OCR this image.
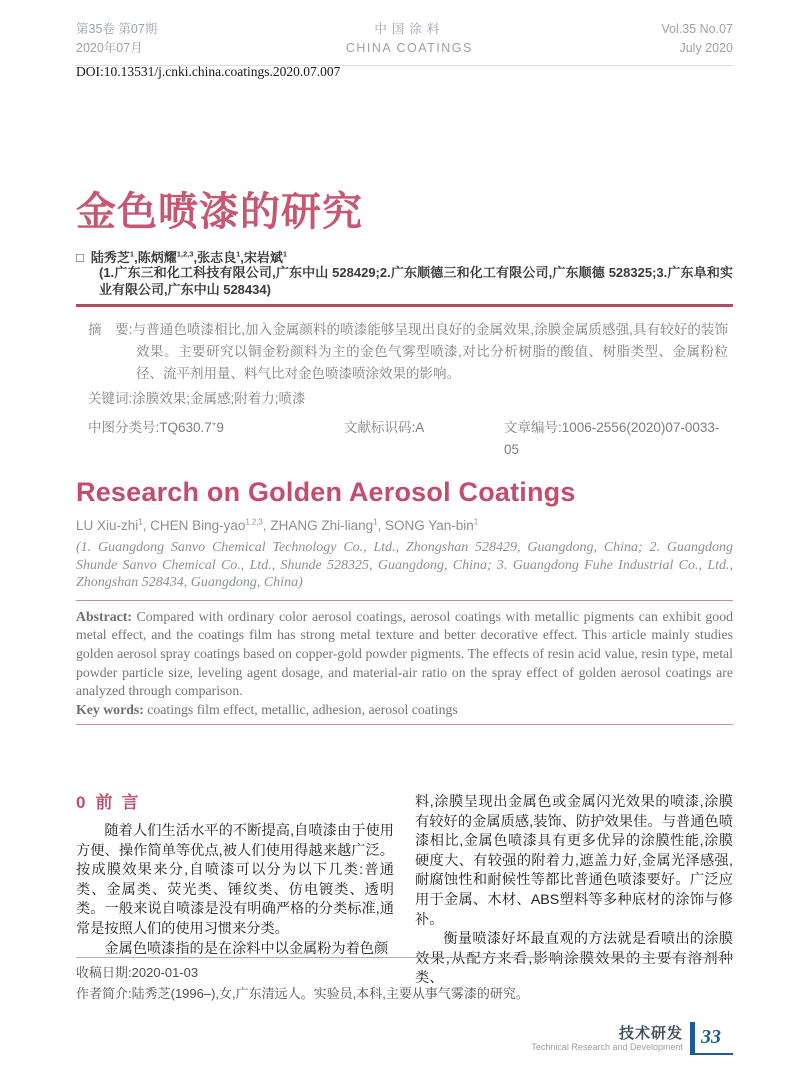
第35卷 第07期
2020年07月
中国涂料
CHINA COATINGS
Vol.35 No.07
July 2020
DOI:10.13531/j.cnki.china.coatings.2020.07.007
金色喷漆的研究
□ 陆秀芝$^1$,陈炳耀$^{1,2,3}$,张志良$^1$,宋岩斌$^1$
(1.广东三和化工科技有限公司,广东中山 528429;2.广东顺德三和化工有限公司,广东顺德 528325;3.广东阜和实业有限公司,广东中山 528434)

摘　要:与普通色喷漆相比,加入金属颜料的喷漆能够呈现出良好的金属效果,涂膜金属质感强,具有较好的装饰效果。主要研究以铜金粉颜料为主的金色气雾型喷漆,对比分析树脂的酸值、树脂类型、金属粉粒径、流平剂用量、料气比对金色喷漆喷涂效果的影响。

关键词:涂膜效果;金属感;附着力;喷漆

中图分类号:TQ630.7+9	文献标识码:A	文章编号:1006-2556(2020)07-0033-05
Research on Golden Aerosol Coatings
LU Xiu-zhi$^1$, CHEN Bing-yao$^{1,2,3}$, ZHANG Zhi-liang$^1$, SONG Yan-bin$^1$
(1. Guangdong Sanvo Chemical Technology Co., Ltd., Zhongshan 528429, Guangdong, China; 2. Guangdong Shunde Sanvo Chemical Co., Ltd., Shunde 528325, Guangdong, China; 3. Guangdong Fuhe Industrial Co., Ltd., Zhongshan 528434, Guangdong, China)

Abstract: Compared with ordinary color aerosol coatings, aerosol coatings with metallic pigments can exhibit good metal effect, and the coatings film has strong metal texture and better decorative effect. This article mainly studies golden aerosol spray coatings based on copper-gold powder pigments. The effects of resin acid value, resin type, metal powder particle size, leveling agent dosage, and material-air ratio on the spray effect of golden aerosol coatings are analyzed through comparison.

Key words: coatings film effect, metallic, adhesion, aerosol coatings

0 前言

随着人们生活水平的不断提高,自喷漆由于使用方便、操作简单等优点,被人们使用得越来越广泛。按成膜效果来分,自喷漆可以分为以下几类:普通类、金属类、荧光类、锤纹类、仿电镀类、透明类。一般来说自喷漆是没有明确严格的分类标准,通常是按照人们的使用习惯来分类。

金属色喷漆指的是在涂料中以金属粉为着色颜

料,涂膜呈现出金属色或金属闪光效果的喷漆,涂膜有较好的金属质感,装饰、防护效果佳。与普通色喷漆相比,金属色喷漆具有更多优异的涂膜性能,涂膜硬度大、有较强的附着力,遮盖力好,金属光泽感强,耐腐蚀性和耐候性等都比普通色喷漆要好。广泛应用于金属、木材、ABS塑料等多种底材的涂饰与修补。

衡量喷漆好坏最直观的方法就是看喷出的涂膜效果,从配方来看,影响涂膜效果的主要有溶剂种类、

收稿日期:2020-01-03

作者简介:陆秀芝(1996–),女,广东清远人。实验员,本科,主要从事气雾漆的研究。

技术研发
Technical Research and Development 33
